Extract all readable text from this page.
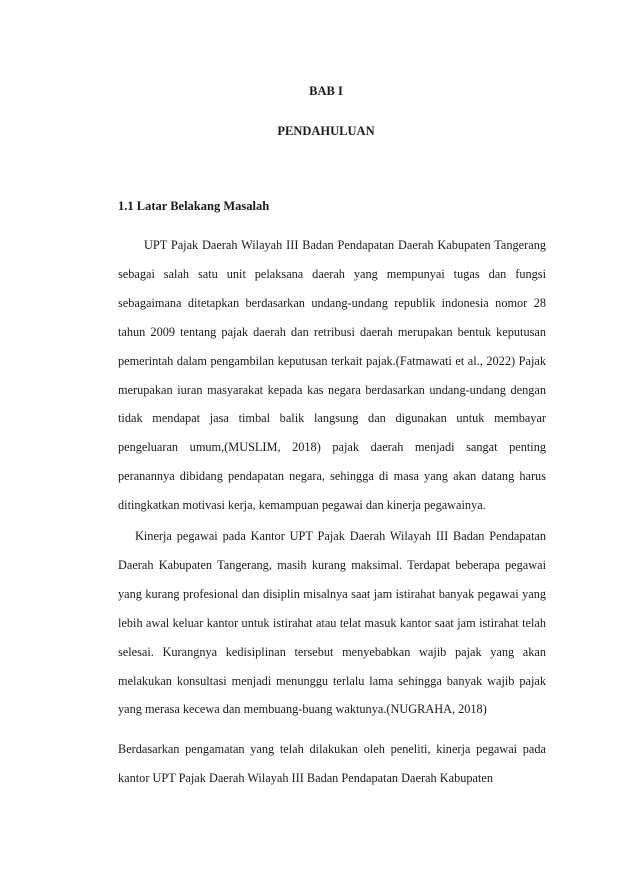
BAB I
PENDAHULUAN
1.1 Latar Belakang Masalah

UPT Pajak Daerah Wilayah III Badan Pendapatan Daerah Kabupaten Tangerang sebagai salah satu unit pelaksana daerah yang mempunyai tugas dan fungsi sebagaimana ditetapkan berdasarkan undang-undang republik indonesia nomor 28 tahun 2009 tentang pajak daerah dan retribusi daerah merupakan bentuk keputusan pemerintah dalam pengambilan keputusan terkait pajak.(Fatmawati et al., 2022) Pajak merupakan iuran masyarakat kepada kas negara berdasarkan undang-undang dengan tidak mendapat jasa timbal balik langsung dan digunakan untuk membayar pengeluaran umum,(MUSLIM, 2018) pajak daerah menjadi sangat penting peranannya dibidang pendapatan negara, sehingga di masa yang akan datang harus ditingkatkan motivasi kerja, kemampuan pegawai dan kinerja pegawainya.

Kinerja pegawai pada Kantor UPT Pajak Daerah Wilayah III Badan Pendapatan Daerah Kabupaten Tangerang, masih kurang maksimal. Terdapat beberapa pegawai yang kurang profesional dan disiplin misalnya saat jam istirahat banyak pegawai yang lebih awal keluar kantor untuk istirahat atau telat masuk kantor saat jam istirahat telah selesai. Kurangnya kedisiplinan tersebut menyebabkan wajib pajak yang akan melakukan konsultasi menjadi menunggu terlalu lama sehingga banyak wajib pajak yang merasa kecewa dan membuang-buang waktunya.(NUGRAHA, 2018)

Berdasarkan pengamatan yang telah dilakukan oleh peneliti, kinerja pegawai pada kantor UPT Pajak Daerah Wilayah III Badan Pendapatan Daerah Kabupaten
